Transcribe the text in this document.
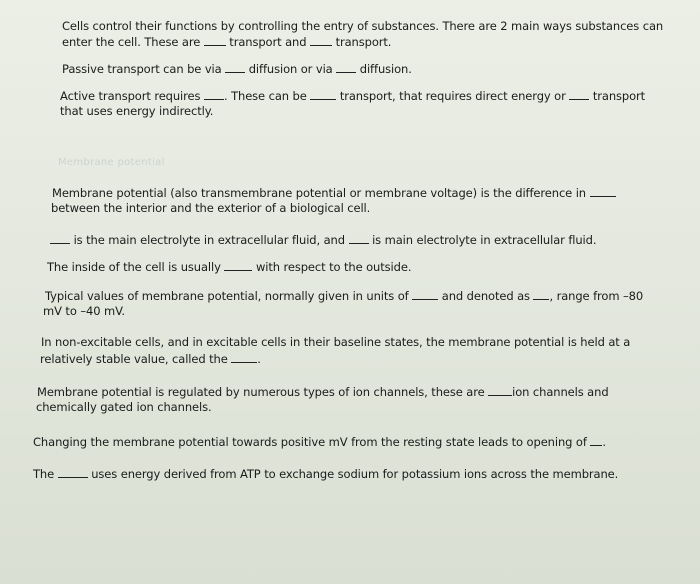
Cells control their functions by controlling the entry of substances. There are 2 main ways substances can
enter the cell. These are	transport and	transport.
Passive transport can be via diffusion or via diffusion.
Active transport requires . These can be	transport, that requires direct energy or transport
that uses energy indirectly.
Membrane potential
Membrane potential (also transmembrane potential or membrane voltage) is the difference in
between the interior and the exterior of a biological cell.
is the main electrolyte in extracellular fluid, and is main electrolyte in extracellular fluid.
The inside of the cell is usually	with respect to the outside.
Typical values of membrane potential, normally given in units of	and denoted as , range from –80
mV to –40 mV.
In non-excitable cells, and in excitable cells in their baseline states, the membrane potential is held at a
relatively stable value, called the	.
Membrane potential is regulated by numerous types of ion channels, these are ion channels and
chemically gated ion channels.
Changing the membrane potential towards positive mV from the resting state leads to opening of .
The	uses energy derived from ATP to exchange sodium for potassium ions across the membrane.
